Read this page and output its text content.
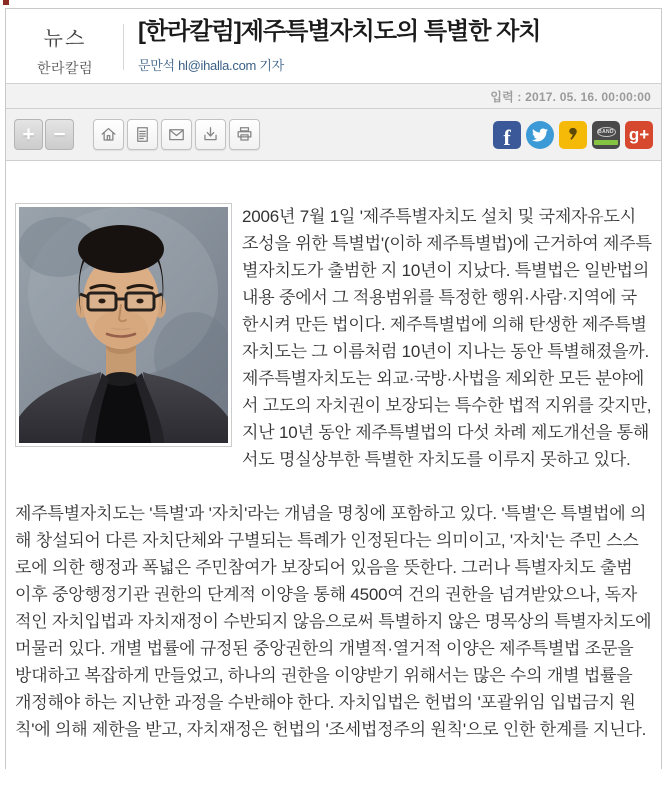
뉴스
한라칼럼
[한라칼럼]제주특별자치도의 특별한 자치
문만석 hl@ihalla.com 기자
입력 : 2017. 05. 16. 00:00:00
+ −	f	BAND g+

2006년 7월 1일 '제주특별자치도 설치 및 국제자유도시 조성을 위한 특별법'(이하 제주특별법)에 근거하여 제주특별자치도가 출범한 지 10년이 지났다. 특별법은 일반법의 내용 중에서 그 적용범위를 특정한 행위·사람·지역에 국한시켜 만든 법이다. 제주특별법에 의해 탄생한 제주특별자치도는 그 이름처럼 10년이 지나는 동안 특별해졌을까. 제주특별자치도는 외교·국방·사법을 제외한 모든 분야에서 고도의 자치권이 보장되는 특수한 법적 지위를 갖지만, 지난 10년 동안 제주특별법의 다섯 차례 제도개선을 통해서도 명실상부한 특별한 자치도를 이루지 못하고 있다.

제주특별자치도는 '특별'과 '자치'라는 개념을 명칭에 포함하고 있다. '특별'은 특별법에 의해 창설되어 다른 자치단체와 구별되는 특례가 인정된다는 의미이고, '자치'는 주민 스스로에 의한 행정과 폭넓은 주민참여가 보장되어 있음을 뜻한다. 그러나 특별자치도 출범 이후 중앙행정기관 권한의 단계적 이양을 통해 4500여 건의 권한을 넘겨받았으나, 독자적인 자치입법과 자치재정이 수반되지 않음으로써 특별하지 않은 명목상의 특별자치도에 머물러 있다. 개별 법률에 규정된 중앙권한의 개별적·열거적 이양은 제주특별법 조문을 방대하고 복잡하게 만들었고, 하나의 권한을 이양받기 위해서는 많은 수의 개별 법률을 개정해야 하는 지난한 과정을 수반해야 한다. 자치입법은 헌법의 '포괄위임 입법금지 원칙'에 의해 제한을 받고, 자치재정은 헌법의 '조세법정주의 원칙'으로 인한 한계를 지닌다.
